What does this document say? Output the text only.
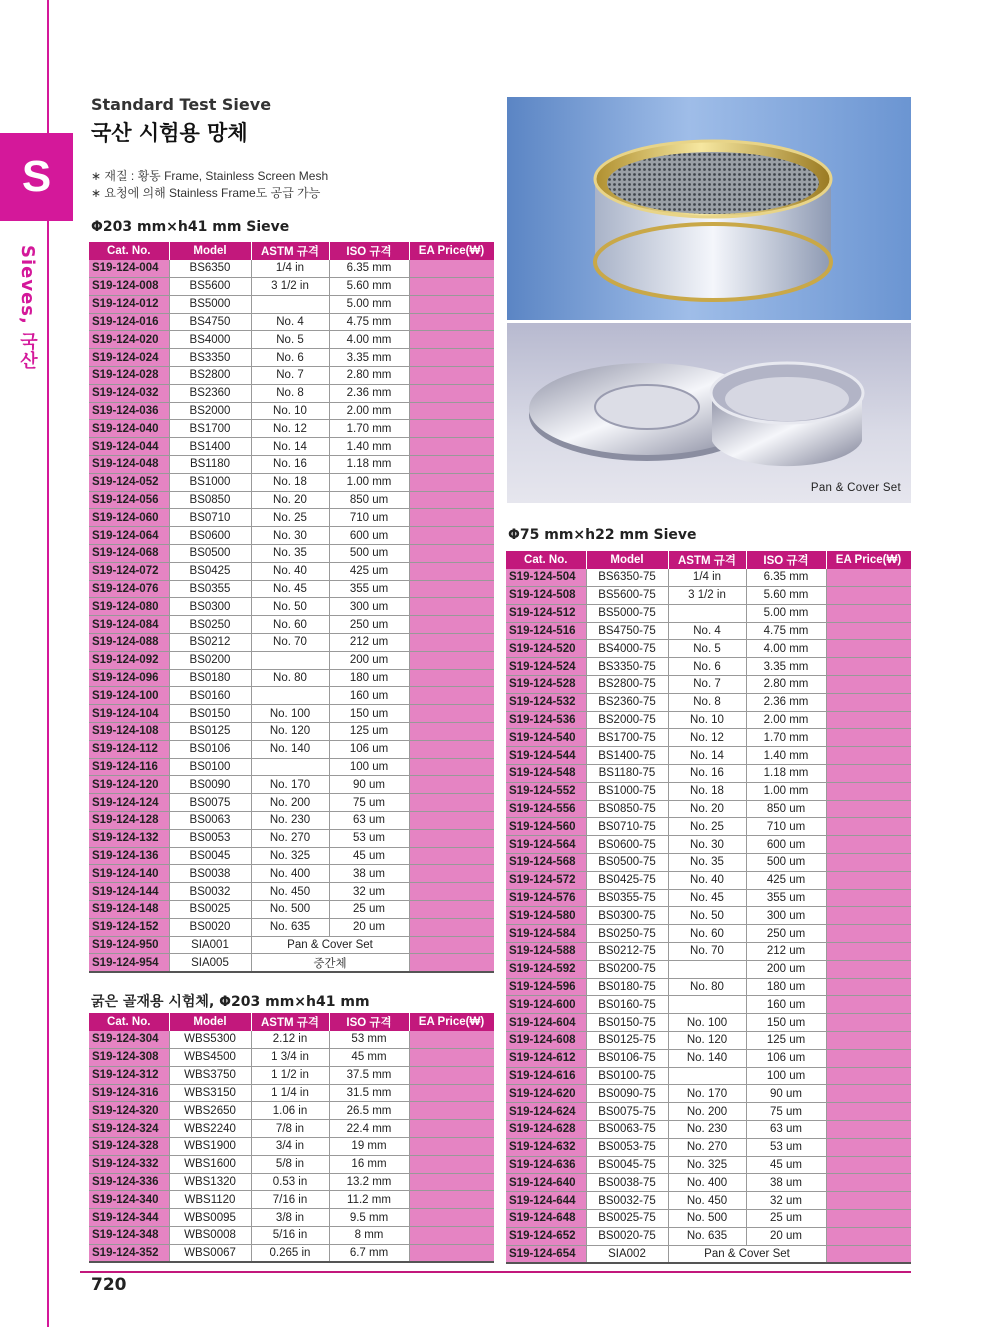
S
Sieves, 국산
Standard Test Sieve
국산 시험용 망체
∗ 재질 : 황동 Frame, Stainless Screen Mesh
∗ 요청에 의해 Stainless Frame도 공급 가능
Φ203 mm×h41 mm Sieve
Cat. No.	Model	ASTM 규격	ISO 규격	EA Price(₩)
S19-124-004	BS6350	1/4 in	6.35 mm	
S19-124-008	BS5600	3 1/2 in	5.60 mm	
S19-124-012	BS5000		5.00 mm	
S19-124-016	BS4750	No. 4	4.75 mm	
S19-124-020	BS4000	No. 5	4.00 mm	
S19-124-024	BS3350	No. 6	3.35 mm	
S19-124-028	BS2800	No. 7	2.80 mm	
S19-124-032	BS2360	No. 8	2.36 mm	
S19-124-036	BS2000	No. 10	2.00 mm	
S19-124-040	BS1700	No. 12	1.70 mm	
S19-124-044	BS1400	No. 14	1.40 mm	
S19-124-048	BS1180	No. 16	1.18 mm	
S19-124-052	BS1000	No. 18	1.00 mm	
S19-124-056	BS0850	No. 20	850 um	
S19-124-060	BS0710	No. 25	710 um	
S19-124-064	BS0600	No. 30	600 um	
S19-124-068	BS0500	No. 35	500 um	
S19-124-072	BS0425	No. 40	425 um	
S19-124-076	BS0355	No. 45	355 um	
S19-124-080	BS0300	No. 50	300 um	
S19-124-084	BS0250	No. 60	250 um	
S19-124-088	BS0212	No. 70	212 um	
S19-124-092	BS0200		200 um	
S19-124-096	BS0180	No. 80	180 um	
S19-124-100	BS0160		160 um	
S19-124-104	BS0150	No. 100	150 um	
S19-124-108	BS0125	No. 120	125 um	
S19-124-112	BS0106	No. 140	106 um	
S19-124-116	BS0100		100 um	
S19-124-120	BS0090	No. 170	90 um	
S19-124-124	BS0075	No. 200	75 um	
S19-124-128	BS0063	No. 230	63 um	
S19-124-132	BS0053	No. 270	53 um	
S19-124-136	BS0045	No. 325	45 um	
S19-124-140	BS0038	No. 400	38 um	
S19-124-144	BS0032	No. 450	32 um	
S19-124-148	BS0025	No. 500	25 um	
S19-124-152	BS0020	No. 635	20 um	
S19-124-950	SIA001	Pan & Cover Set		
S19-124-954	SIA005	중간체		
굵은 골재용 시험체, Φ203 mm×h41 mm
Cat. No.	Model	ASTM 규격	ISO 규격	EA Price(₩)
S19-124-304	WBS5300	2.12 in	53 mm	
S19-124-308	WBS4500	1 3/4 in	45 mm	
S19-124-312	WBS3750	1 1/2 in	37.5 mm	
S19-124-316	WBS3150	1 1/4 in	31.5 mm	
S19-124-320	WBS2650	1.06 in	26.5 mm	
S19-124-324	WBS2240	7/8 in	22.4 mm	
S19-124-328	WBS1900	3/4 in	19 mm	
S19-124-332	WBS1600	5/8 in	16 mm	
S19-124-336	WBS1320	0.53 in	13.2 mm	
S19-124-340	WBS1120	7/16 in	11.2 mm	
S19-124-344	WBS0095	3/8 in	9.5 mm	
S19-124-348	WBS0008	5/16 in	8 mm	
S19-124-352	WBS0067	0.265 in	6.7 mm	
Pan & Cover Set
Φ75 mm×h22 mm Sieve
Cat. No.	Model	ASTM 규격	ISO 규격	EA Price(₩)
S19-124-504	BS6350-75	1/4 in	6.35 mm	
S19-124-508	BS5600-75	3 1/2 in	5.60 mm	
S19-124-512	BS5000-75		5.00 mm	
S19-124-516	BS4750-75	No. 4	4.75 mm	
S19-124-520	BS4000-75	No. 5	4.00 mm	
S19-124-524	BS3350-75	No. 6	3.35 mm	
S19-124-528	BS2800-75	No. 7	2.80 mm	
S19-124-532	BS2360-75	No. 8	2.36 mm	
S19-124-536	BS2000-75	No. 10	2.00 mm	
S19-124-540	BS1700-75	No. 12	1.70 mm	
S19-124-544	BS1400-75	No. 14	1.40 mm	
S19-124-548	BS1180-75	No. 16	1.18 mm	
S19-124-552	BS1000-75	No. 18	1.00 mm	
S19-124-556	BS0850-75	No. 20	850 um	
S19-124-560	BS0710-75	No. 25	710 um	
S19-124-564	BS0600-75	No. 30	600 um	
S19-124-568	BS0500-75	No. 35	500 um	
S19-124-572	BS0425-75	No. 40	425 um	
S19-124-576	BS0355-75	No. 45	355 um	
S19-124-580	BS0300-75	No. 50	300 um	
S19-124-584	BS0250-75	No. 60	250 um	
S19-124-588	BS0212-75	No. 70	212 um	
S19-124-592	BS0200-75		200 um	
S19-124-596	BS0180-75	No. 80	180 um	
S19-124-600	BS0160-75		160 um	
S19-124-604	BS0150-75	No. 100	150 um	
S19-124-608	BS0125-75	No. 120	125 um	
S19-124-612	BS0106-75	No. 140	106 um	
S19-124-616	BS0100-75		100 um	
S19-124-620	BS0090-75	No. 170	90 um	
S19-124-624	BS0075-75	No. 200	75 um	
S19-124-628	BS0063-75	No. 230	63 um	
S19-124-632	BS0053-75	No. 270	53 um	
S19-124-636	BS0045-75	No. 325	45 um	
S19-124-640	BS0038-75	No. 400	38 um	
S19-124-644	BS0032-75	No. 450	32 um	
S19-124-648	BS0025-75	No. 500	25 um	
S19-124-652	BS0020-75	No. 635	20 um	
S19-124-654	SIA002	Pan & Cover Set		
720
